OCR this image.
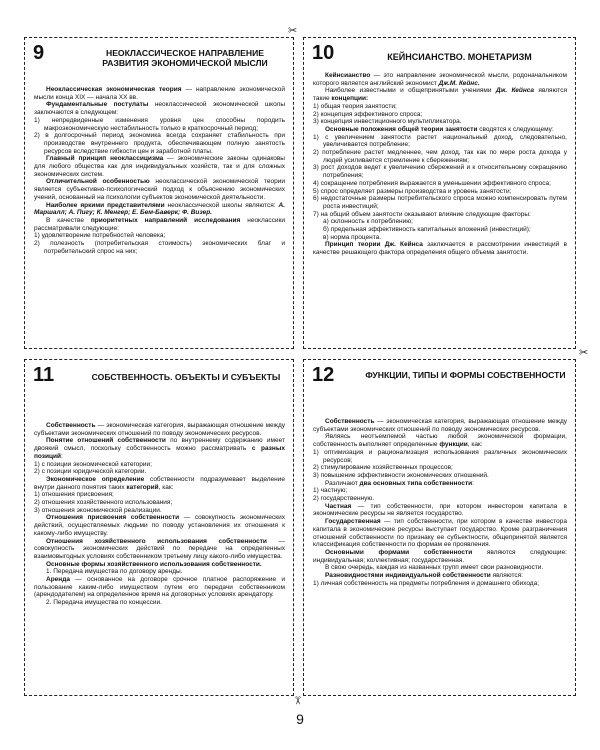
9	НЕОКЛАССИЧЕСКОЕ НАПРАВЛЕНИЕ РАЗВИТИЯ ЭКОНОМИЧЕСКОЙ МЫСЛИ

Неоклассическая экономическая теория — направление экономической мысли конца XIX — начала XX вв.

Фундаментальные постулаты неоклассической экономической школы заключаются в следующем:

1) непредвиденные изменения уровня цен способны породить макроэкономическую нестабильность только в краткосрочный период;

2) в долгосрочный период экономика всегда сохраняет стабильность при производстве внутреннего продукта, обеспечивающем полную занятость ресурсов вследствие гибкости цен и заработной платы.

Главный принцип неоклассицизма — экономические законы одинаковы для любого общества как для индивидуальных хозяйств, так и для сложных экономических систем.

Отличительной особенностью неоклассической экономической теории является субъективно-психологический подход к объяснению экономических учений, основанный на психологии субъектов экономической деятельности.

Наиболее яркими представителями неоклассической школы являются: А. Маршалл; А. Пигу; К. Менгер; Е. Бем-Баверк; Ф. Визер.

В качестве приоритетных направлений исследования неоклассики рассматривали следующие:

1) удовлетворение потребностей человека;

2) полезность (потребительская стоимость) экономических благ и потребительский спрос на них;

10	КЕЙНСИАНСТВО. МОНЕТАРИЗМ

Кейнсианство — это направление экономической мысли, родоначальником которого является английский экономист Дж.М. Кейнс.

Наиболее известными и общепринятыми учениями Дж. Кейнса являются такие концепции:

1) общая теория занятости;

2) концепция эффективного спроса;

3) концепция инвестиционного мультипликатора.

Основные положения общей теории занятости сводятся к следующему:

1) с увеличением занятости растет национальный доход, следовательно, увеличивается потребление;

2) потребление растет медленнее, чем доход, так как по мере роста дохода у людей усиливается стремление к сбережениям;

3) рост доходов ведет к увеличению сбережений и к относительному сокращению потребления;

4) сокращение потребления выражается в уменьшении эффективного спроса;

5) спрос определяет размеры производства и уровень занятости;

6) недостаточные размеры потребительского спроса можно компенсировать путем роста инвестиций;

7) на общий объем занятости оказывают влияние следующие факторы:

а) склонность к потреблению;

б) предельная эффективность капитальных вложений (инвестиций);

в) норма процента.

Принцип теории Дж. Кейнса заключается в рассмотрении инвестиций в качестве решающего фактора определения общего объема занятости.

11	СОБСТВЕННОСТЬ. ОБЪЕКТЫ И СУБЪЕКТЫ

Собственность — экономическая категория, выражающая отношение между субъектами экономических отношений по поводу экономических ресурсов.

Понятие отношений собственности по внутреннему содержанию имеет двоякий смысл, поскольку собственность можно рассматривать с разных позиций:

1) с позиции экономической категории;

2) с позиции юридической категории.

Экономическое определение собственности подразумевает выделение внутри данного понятия таких категорий, как:

1) отношения присвоения;

2) отношения хозяйственного использования;

3) отношения экономической реализации.

Отношения присвоения собственности — совокупность экономических действий, осуществляемых людьми по поводу установления их отношения к какому-либо имуществу.

Отношения хозяйственного использования собственности — совокупность экономических действий по передаче на определенных взаимовыгодных условиях собственником третьему лицу какого-либо имущества.

Основные формы хозяйственного использования собственности.

1. Передача имущества по договору аренды.

Аренда — основанное на договоре срочное платное распоряжение и пользование каким-либо имуществом путем его передачи собственником (арендодателем) на определенное время на договорных условиях арендатору.

2. Передача имущества по концессии.

12	ФУНКЦИИ, ТИПЫ И ФОРМЫ СОБСТВЕННОСТИ

Собственность — экономическая категория, выражающая отношение между субъектами экономических отношений по поводу экономических ресурсов.

Являясь неотъемлемой частью любой экономической формации, собственность выполняет определенные функции, как:

1) оптимизация и рационализация использования различных экономических ресурсов;

2) стимулирование хозяйственных процессов;

3) повышение эффективности экономических отношений.

Различают два основных типа собственности:

1) частную;

2) государственную.

Частная — тип собственности, при котором инвестором капитала в экономические ресурсы не является государство.

Государственная — тип собственности, при котором в качестве инвестора капитала в экономические ресурсы выступает государство. Кроме разграничения отношений собственности по признаку ее субъектности, общепринятой является классификация собственности по формам ее проявления.

Основными формами собственности являются следующие: индивидуальная; коллективная; государственная.

В свою очередь, каждая из названных групп имеет свои разновидности.

Разновидностями индивидуальной собственности являются:

1) личная собственность на предметы потребления и домашнего обихода;

✂
✂
✂
9
